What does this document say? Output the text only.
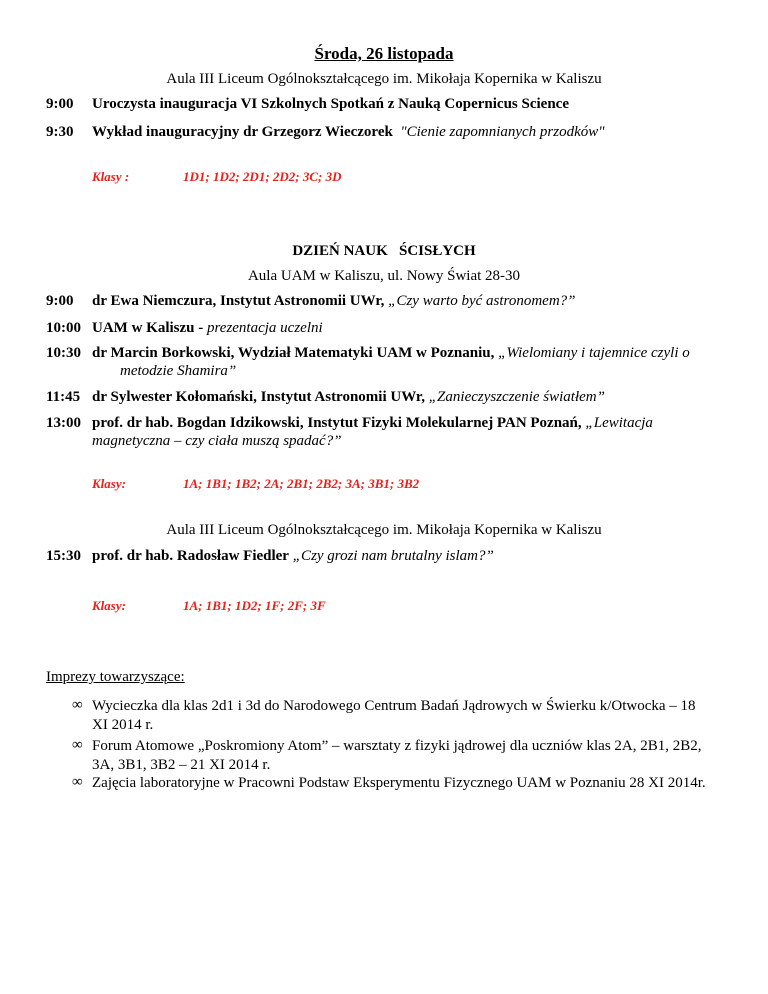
Środa, 26 listopada
Aula III Liceum Ogólnokształcącego im. Mikołaja Kopernika w Kaliszu
9:00 Uroczysta inauguracja VI Szkolnych Spotkań z Nauką Copernicus Science
9:30 Wykład inauguracyjny dr Grzegorz Wieczorek "Cienie zapomnianych przodków"
Klasy :	1D1; 1D2; 2D1; 2D2; 3C; 3D
DZIEŃ NAUK   ŚCISŁYCH
Aula UAM w Kaliszu, ul. Nowy Świat 28-30
9:00 dr Ewa Niemczura, Instytut Astronomii UWr, „Czy warto być astronomem?”
10:00 UAM w Kaliszu - prezentacja uczelni
10:30 dr Marcin Borkowski, Wydział Matematyki UAM w Poznaniu, „Wielomiany i tajemnice czyli o
metodzie Shamira”
11:45 dr Sylwester Kołomański, Instytut Astronomii UWr, „Zanieczyszczenie światłem”
13:00 prof. dr hab. Bogdan Idzikowski, Instytut Fizyki Molekularnej PAN Poznań, „Lewitacja
magnetyczna – czy ciała muszą spadać?”
Klasy:	1A; 1B1; 1B2; 2A; 2B1; 2B2; 3A; 3B1; 3B2
Aula III Liceum Ogólnokształcącego im. Mikołaja Kopernika w Kaliszu
15:30 prof. dr hab. Radosław Fiedler „Czy grozi nam brutalny islam?”
Klasy:	1A; 1B1; 1D2; 1F; 2F; 3F
Imprezy towarzyszące:
∞ Wycieczka dla klas 2d1 i 3d do Narodowego Centrum Badań Jądrowych w Świerku k/Otwocka – 18 XI 2014 r.
∞ Forum Atomowe „Poskromiony Atom” – warsztaty z fizyki jądrowej dla uczniów klas 2A, 2B1, 2B2, 3A, 3B1, 3B2 – 21 XI 2014 r.
∞ Zajęcia laboratoryjne w Pracowni Podstaw Eksperymentu Fizycznego UAM w Poznaniu 28 XI 2014r.
